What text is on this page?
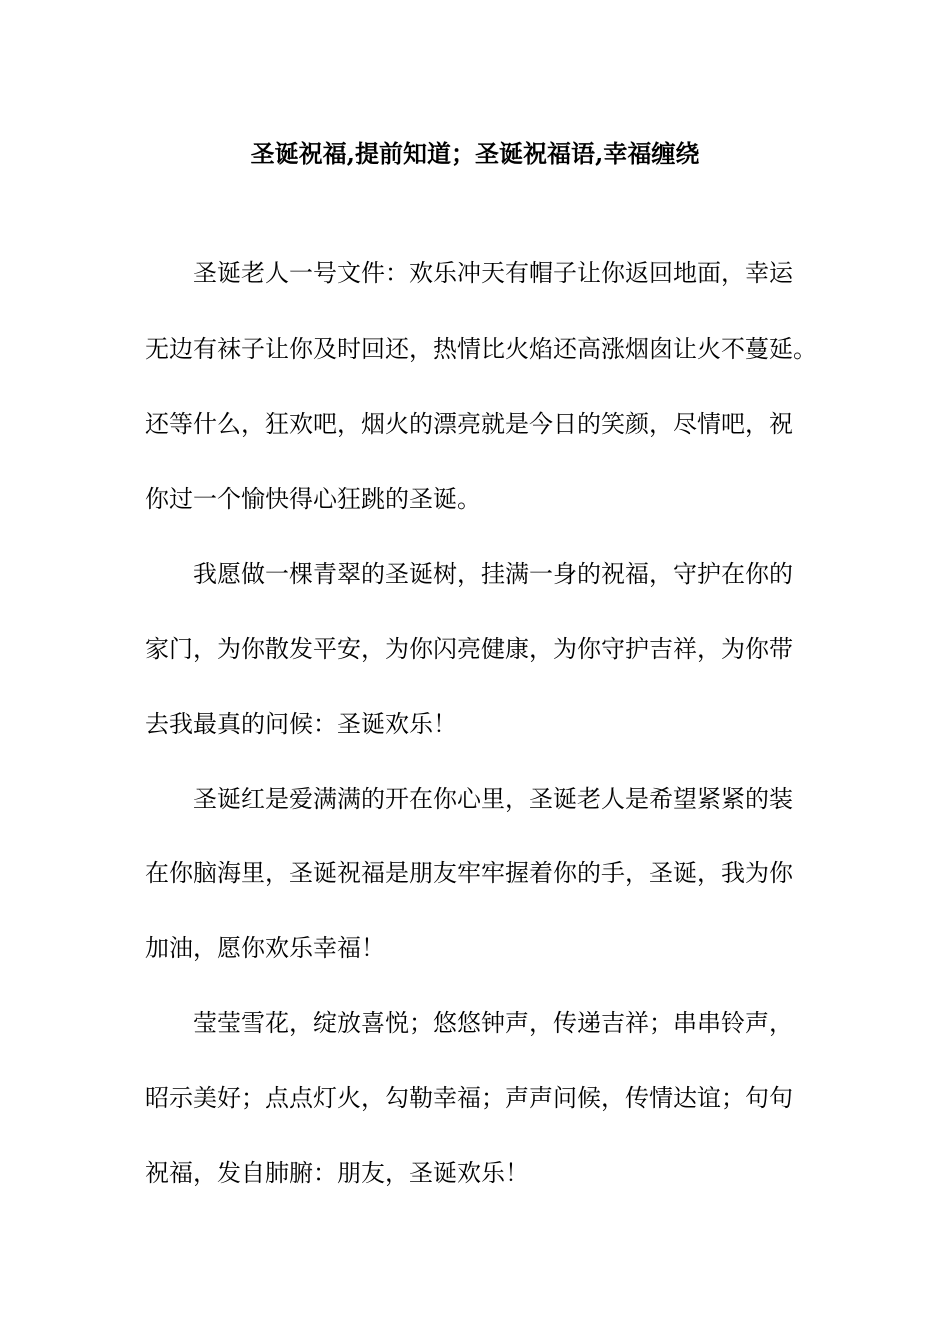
圣诞祝福,提前知道；圣诞祝福语,幸福缠绕

圣诞老人一号文件：欢乐冲天有帽子让你返回地面，幸运

无边有袜子让你及时回还，热情比火焰还高涨烟囱让火不蔓延。

还等什么，狂欢吧，烟火的漂亮就是今日的笑颜，尽情吧，祝

你过一个愉快得心狂跳的圣诞。

我愿做一棵青翠的圣诞树，挂满一身的祝福，守护在你的

家门，为你散发平安，为你闪亮健康，为你守护吉祥，为你带

去我最真的问候：圣诞欢乐！

圣诞红是爱满满的开在你心里，圣诞老人是希望紧紧的装

在你脑海里，圣诞祝福是朋友牢牢握着你的手，圣诞，我为你

加油，愿你欢乐幸福！

莹莹雪花，绽放喜悦；悠悠钟声，传递吉祥；串串铃声，

昭示美好；点点灯火，勾勒幸福；声声问候，传情达谊；句句

祝福，发自肺腑：朋友，圣诞欢乐！
